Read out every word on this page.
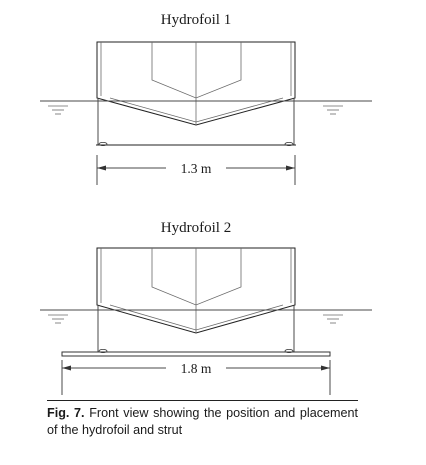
Hydrofoil 1
1.3 m
Hydrofoil 2
1.8 m
Fig. 7. Front view showing the position and placement of the hydrofoil and strut
